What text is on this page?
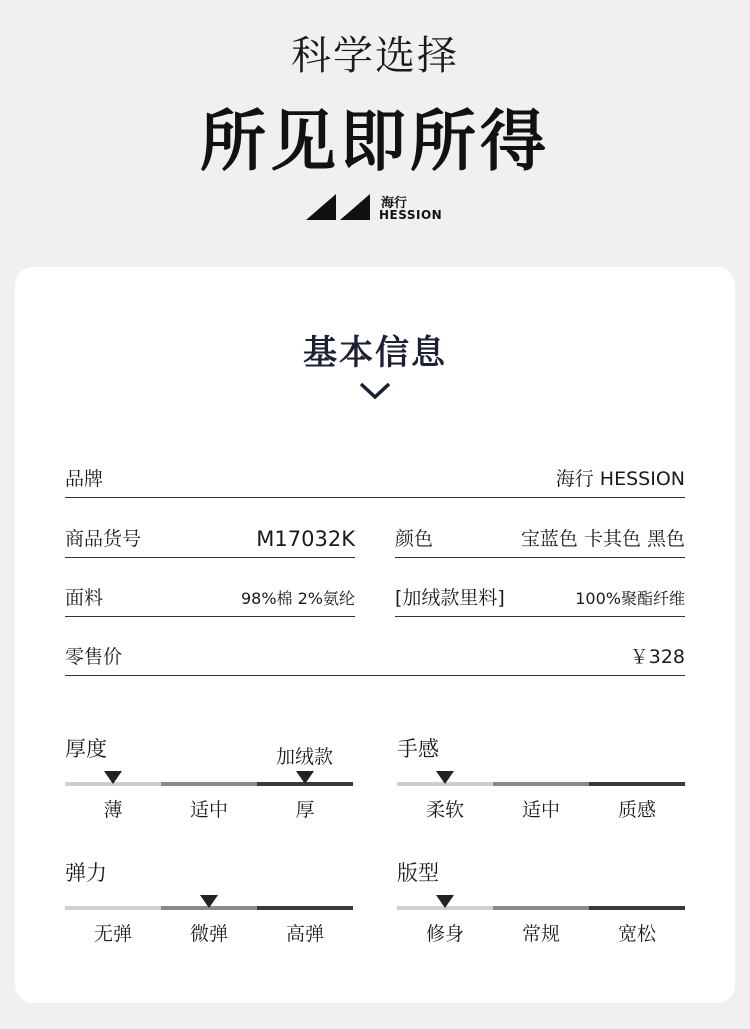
科学选择
所见即所得
海行
HESSION
基本信息
品牌	海行 HESSION
商品货号	M17032K 颜色	宝蓝色 卡其色 黑色
面料	98%棉 2%氨纶 [加绒款里料]	100%聚酯纤维
零售价	￥328
厚度	加绒款
薄	适中	厚
手感
柔软	适中	质感
弹力
无弹	微弹	高弹
版型
修身	常规	宽松
